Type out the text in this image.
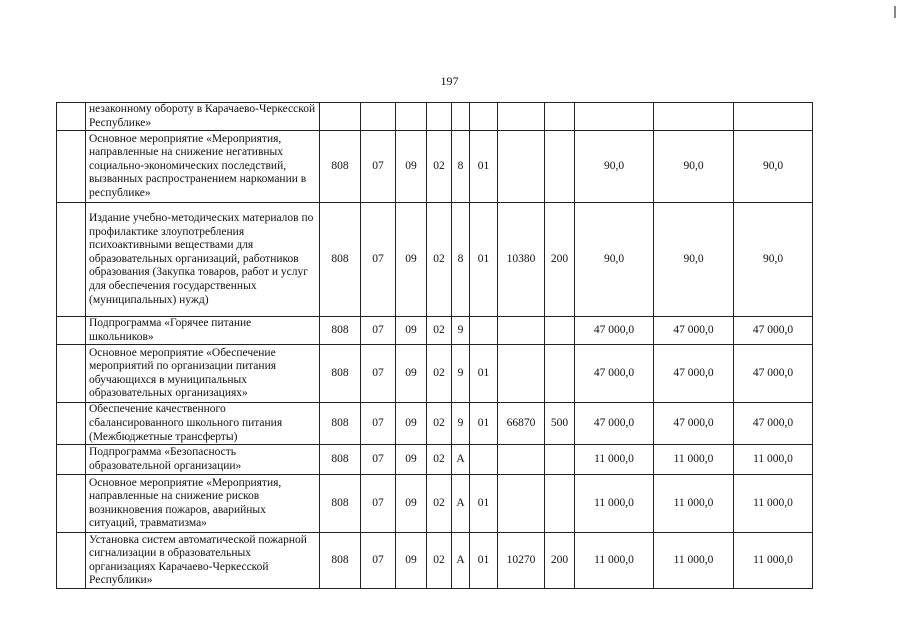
197
	незаконному обороту в Карачаево-Черкесской Республике»											
	Основное мероприятие «Мероприятия, направленные на снижение негативных социально-экономических последствий, вызванных распространением наркомании в республике»	808	07	09	02	8	01			90,0	90,0	90,0
	Издание учебно-методических материалов по профилактике злоупотребления психоактивными веществами для образовательных организаций, работников образования (Закупка товаров, работ и услуг для обеспечения государственных (муниципальных) нужд)	808	07	09	02	8	01	10380	200	90,0	90,0	90,0
	Подпрограмма «Горячее питание школьников»	808	07	09	02	9				47 000,0	47 000,0	47 000,0
	Основное мероприятие «Обеспечение мероприятий по организации питания обучающихся в муниципальных образовательных организациях»	808	07	09	02	9	01			47 000,0	47 000,0	47 000,0
	Обеспечение качественного сбалансированного школьного питания (Межбюджетные трансферты)	808	07	09	02	9	01	66870	500	47 000,0	47 000,0	47 000,0
	Подпрограмма «Безопасность образовательной организации»	808	07	09	02	А				11 000,0	11 000,0	11 000,0
	Основное мероприятие «Мероприятия, направленные на снижение рисков возникновения пожаров, аварийных ситуаций, травматизма»	808	07	09	02	А	01			11 000,0	11 000,0	11 000,0
	Установка систем автоматической пожарной сигнализации в образовательных организациях Карачаево-Черкесской Республики»	808	07	09	02	А	01	10270	200	11 000,0	11 000,0	11 000,0
